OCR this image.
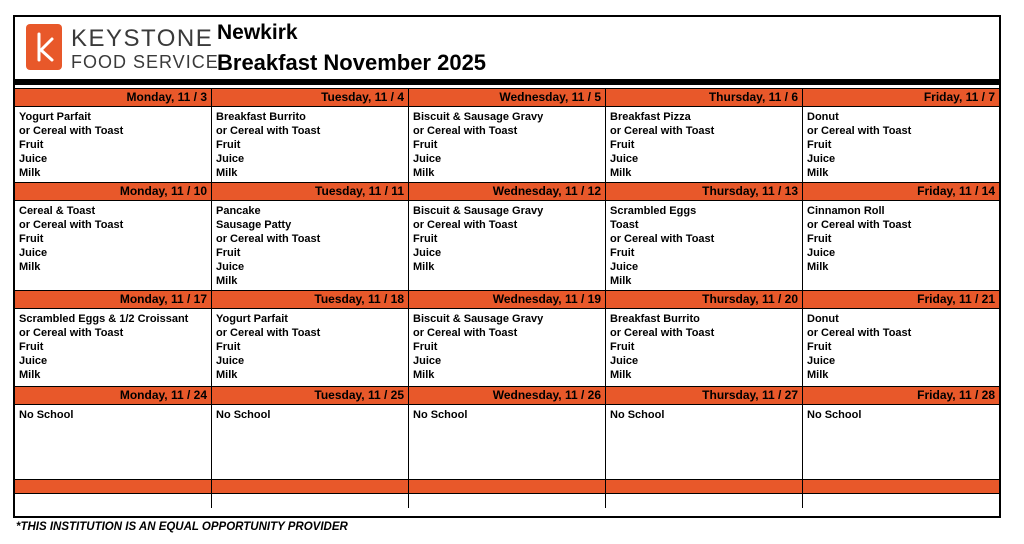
KEYSTONE
FOOD SERVICE
Newkirk
Breakfast November 2025
Monday, 11 / 3
Yogurt Parfait
or Cereal with Toast
Fruit
Juice
Milk
Tuesday, 11 / 4
Breakfast Burrito
or Cereal with Toast
Fruit
Juice
Milk
Wednesday, 11 / 5
Biscuit & Sausage Gravy
or Cereal with Toast
Fruit
Juice
Milk
Thursday, 11 / 6
Breakfast Pizza
or Cereal with Toast
Fruit
Juice
Milk
Friday, 11 / 7
Donut
or Cereal with Toast
Fruit
Juice
Milk
Monday, 11 / 10
Cereal & Toast
or Cereal with Toast
Fruit
Juice
Milk
Tuesday, 11 / 11
Pancake
Sausage Patty
or Cereal with Toast
Fruit
Juice
Milk
Wednesday, 11 / 12
Biscuit & Sausage Gravy
or Cereal with Toast
Fruit
Juice
Milk
Thursday, 11 / 13
Scrambled Eggs
Toast
or Cereal with Toast
Fruit
Juice
Milk
Friday, 11 / 14
Cinnamon Roll
or Cereal with Toast
Fruit
Juice
Milk
Monday, 11 / 17
Scrambled Eggs & 1/2 Croissant
or Cereal with Toast
Fruit
Juice
Milk
Tuesday, 11 / 18
Yogurt Parfait
or Cereal with Toast
Fruit
Juice
Milk
Wednesday, 11 / 19
Biscuit & Sausage Gravy
or Cereal with Toast
Fruit
Juice
Milk
Thursday, 11 / 20
Breakfast Burrito
or Cereal with Toast
Fruit
Juice
Milk
Friday, 11 / 21
Donut
or Cereal with Toast
Fruit
Juice
Milk
Monday, 11 / 24
No School
Tuesday, 11 / 25
No School
Wednesday, 11 / 26
No School
Thursday, 11 / 27
No School
Friday, 11 / 28
No School
*THIS INSTITUTION IS AN EQUAL OPPORTUNITY PROVIDER
